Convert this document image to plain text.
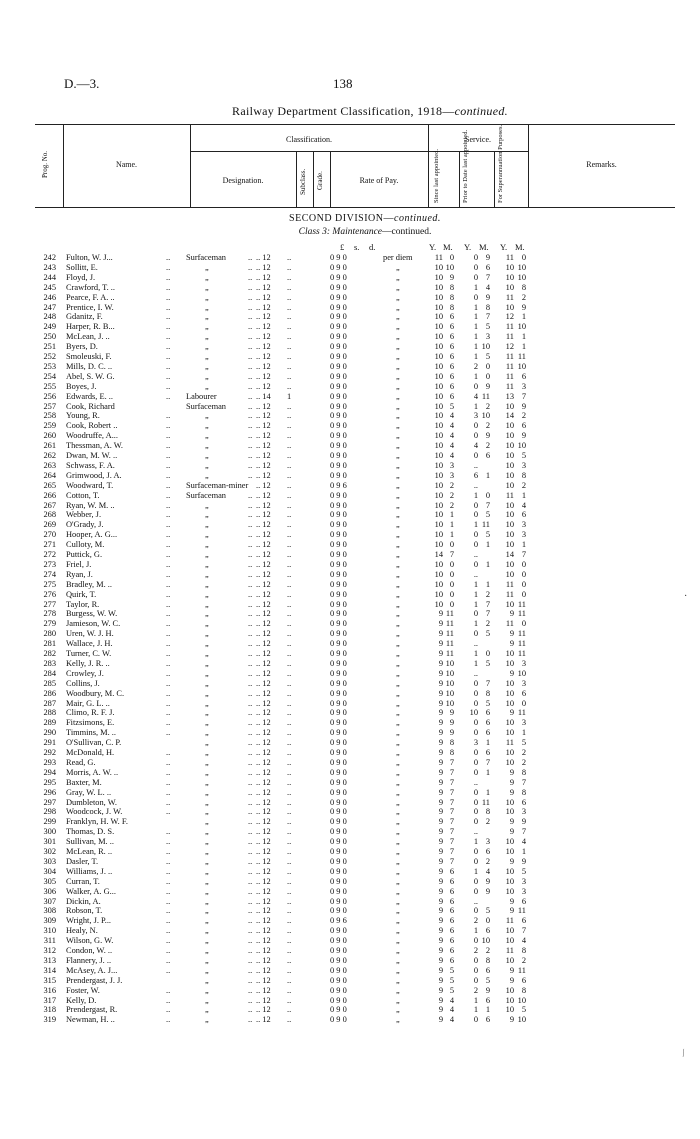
D.—3.	138
Railway Department Classification, 1918—continued.
Prog. No.	Name.
Classification.
Designation.	Subclass. Grade.	Rate of Pay.
Service.
Since last appointed.	Prior to Date last appointed.	For Superannuation Purposes.	Remarks.
SECOND DIVISION—continued.
Class 3: Maintenance—continued.
£ s. d.	Y. M. Y. M. Y. M.
242 Fulton, W. J...	.. Surfaceman	.. .. 12 ..	0 9 0	per diem	11 0	0 9	11 0
243 Sollitt, E.	..	„	.. .. 12 ..	0 9 0	„	10 10	0 6	10 10
244 Floyd, J.	..	„	.. .. 12 ..	0 9 0	„	10 9	0 7	10 10
245 Crawford, T. ..	..	„	.. .. 12 ..	0 9 0	„	10 8	1 4	10 8
246 Pearce, F. A. ..	..	„	.. .. 12 ..	0 9 0	„	10 8	0 9	11 2
247 Prentice, I. W.	..	„	.. .. 12 ..	0 9 0	„	10 8	1 8	10 9
248 Gdanitz, F.	..	„	.. .. 12 ..	0 9 0	„	10 6	1 7	12 1
249 Harper, R. B...	..	„	.. .. 12 ..	0 9 0	„	10 6	1 5	11 10
250 McLean, J. ..	..	„	.. .. 12 ..	0 9 0	„	10 6	1 3	11 1
251 Byers, D.	..	„	.. .. 12 ..	0 9 0	„	10 6	1 10	12 1
252 Smoleuski, F.	..	„	.. .. 12 ..	0 9 0	„	10 6	1 5	11 11
253 Mills, D. C. ..	..	„	.. .. 12 ..	0 9 0	„	10 6	2 0	11 10
254 Abel, S. W. G.	..	„	.. .. 12 ..	0 9 0	„	10 6	1 0	11 6
255 Boyes, J.	..	„	.. .. 12 ..	0 9 0	„	10 6	0 9	11 3
256 Edwards, E. ..	.. Labourer	.. .. 14 1	0 9 0	„	10 6	4 11	13 7
257 Cook, Richard	Surfaceman	.. .. 12 ..	0 9 0	„	10 5	1 2	10 9
258 Young, R.	..	„	.. .. 12 ..	0 9 0	„	10 4	3 10	14 2
259 Cook, Robert ..	..	„	.. .. 12 ..	0 9 0	„	10 4	0 2	10 6
260 Woodruffe, A...	..	„	.. .. 12 ..	0 9 0	„	10 4	0 9	10 9
261 Thessman, A. W.	..	„	.. .. 12 ..	0 9 0	„	10 4	4 2	10 10
262 Dwan, M. W. ..	..	„	.. .. 12 ..	0 9 0	„	10 4	0 6	10 5
263 Schwass, F. A.	..	„	.. .. 12 ..	0 9 0	„	10 3	..	10 3
264 Grimwood, J. A.	..	„	.. .. 12 ..	0 9 0	„	10 3	6 1	10 8
265 Woodward, T.	.. Surfaceman-miner .. 12 ..	0 9 6	„	10 2	..	10 2
266 Cotton, T.	.. Surfaceman	.. .. 12 ..	0 9 0	„	10 2	1 0	11 1
267 Ryan, W. M. ..	..	„	.. .. 12 ..	0 9 0	„	10 2	0 7	10 4
268 Webber, J.	..	„	.. .. 12 ..	0 9 0	„	10 1	0 5	10 6
269 O'Grady, J.	..	„	.. .. 12 ..	0 9 0	„	10 1	1 11	10 3
270 Hooper, A. G...	..	„	.. .. 12 ..	0 9 0	„	10 1	0 5	10 3
271 Culloty, M.	..	„	.. .. 12 ..	0 9 0	„	10 0	0 1	10 1
272 Puttick, G.	..	„	.. .. 12 ..	0 9 0	„	14 7	..	14 7
273 Friel, J.	..	„	.. .. 12 ..	0 9 0	„	10 0	0 1	10 0
274 Ryan, J.	..	„	.. .. 12 ..	0 9 0	„	10 0	..	10 0
275 Bradley, M. ..	..	„	.. .. 12 ..	0 9 0	„	10 0	1 1	11 0
276 Quirk, T.	..	„	.. .. 12 ..	0 9 0	„	10 0	1 2	11 0
277 Taylor, R.	..	„	.. .. 12 ..	0 9 0	„	10 0	1 7	10 11
278 Burgess, W. W.	..	„	.. .. 12 ..	0 9 0	„	9 11	0 7	9 11
279 Jamieson, W. C.	..	„	.. .. 12 ..	0 9 0	„	9 11	1 2	11 0
280 Uren, W. J. H.	..	„	.. .. 12 ..	0 9 0	„	9 11	0 5	9 11
281 Wallace, J. H.	..	„	.. .. 12 ..	0 9 0	„	9 11	..	9 11
282 Turner, C. W.	..	„	.. .. 12 ..	0 9 0	„	9 11	1 0	10 11
283 Kelly, J. R. ..	..	„	.. .. 12 ..	0 9 0	„	9 10	1 5	10 3
284 Crowley, J.	..	„	.. .. 12 ..	0 9 0	„	9 10	..	9 10
285 Collins, J.	..	„	.. .. 12 ..	0 9 0	„	9 10	0 7	10 3
286 Woodbury, M. C.	..	„	.. .. 12 ..	0 9 0	„	9 10	0 8	10 6
287 Mair, G. L. ..	..	„	.. .. 12 ..	0 9 0	„	9 10	0 5	10 0
288 Climo, R. F. J.	..	„	.. .. 12 ..	0 9 0	„	9 9	10 6	9 11
289 Fitzsimons, E.	..	„	.. .. 12 ..	0 9 0	„	9 9	0 6	10 3
290 Timmins, M. ..	..	„	.. .. 12 ..	0 9 0	„	9 9	0 6	10 1
291 O'Sullivan, C. P.	„	.. .. 12 ..	0 9 0	„	9 8	3 1	11 5
292 McDonald, H.	..	„	.. .. 12 ..	0 9 0	„	9 8	0 6	10 2
293 Read, G.	..	„	.. .. 12 ..	0 9 0	„	9 7	0 7	10 2
294 Morris, A. W. ..	..	„	.. .. 12 ..	0 9 0	„	9 7	0 1	9 8
295 Baxter, M.	..	„	.. .. 12 ..	0 9 0	„	9 7	..	9 7
296 Gray, W. L. ..	..	„	.. .. 12 ..	0 9 0	„	9 7	0 1	9 8
297 Dumbleton, W.	..	„	.. .. 12 ..	0 9 0	„	9 7	0 11	10 6
298 Woodcock, J. W.	..	„	.. .. 12 ..	0 9 0	„	9 7	0 8	10 3
299 Franklyn, H. W. F.	„	.. .. 12 ..	0 9 0	„	9 7	0 2	9 9
300 Thomas, D. S.	..	„	.. .. 12 ..	0 9 0	„	9 7	..	9 7
301 Sullivan, M. ..	..	„	.. .. 12 ..	0 9 0	„	9 7	1 3	10 4
302 McLean, R. ..	..	„	.. .. 12 ..	0 9 0	„	9 7	0 6	10 1
303 Dasler, T.	..	„	.. .. 12 ..	0 9 0	„	9 7	0 2	9 9
304 Williams, J. ..	..	„	.. .. 12 ..	0 9 0	„	9 6	1 4	10 5
305 Curran, T.	..	„	.. .. 12 ..	0 9 0	„	9 6	0 9	10 3
306 Walker, A. G...	..	„	.. .. 12 ..	0 9 0	„	9 6	0 9	10 3
307 Dickin, A.	..	„	.. .. 12 ..	0 9 0	„	9 6	..	9 6
308 Robson, T.	..	„	.. .. 12 ..	0 9 0	„	9 6	0 5	9 11
309 Wright, J. P...	..	„	.. .. 12 ..	0 9 6	„	9 6	2 0	11 6
310 Healy, N.	..	„	.. .. 12 ..	0 9 0	„	9 6	1 6	10 7
311 Wilson, G. W.	..	„	.. .. 12 ..	0 9 0	„	9 6	0 10	10 4
312 Condon, W. ..	..	„	.. .. 12 ..	0 9 0	„	9 6	2 2	11 8
313 Flannery, J. ..	..	„	.. .. 12 ..	0 9 0	„	9 6	0 8	10 2
314 McAsey, A. J...	..	„	.. .. 12 ..	0 9 0	„	9 5	0 6	9 11
315 Prendergast, J. J.	„	.. .. 12 ..	0 9 0	„	9 5	0 5	9 6
316 Foster, W.	..	„	.. .. 12 ..	0 9 0	„	9 5	2 9	10 8
317 Kelly, D.	..	„	.. .. 12 ..	0 9 0	„	9 4	1 6	10 10
318 Prendergast, R.	..	„	.. .. 12 ..	0 9 0	„	9 4	1 1	10 5
319 Newman, H. ..	..	„	.. .. 12 ..	0 9 0	„	9 4	0 6	9 10
·
⁄
